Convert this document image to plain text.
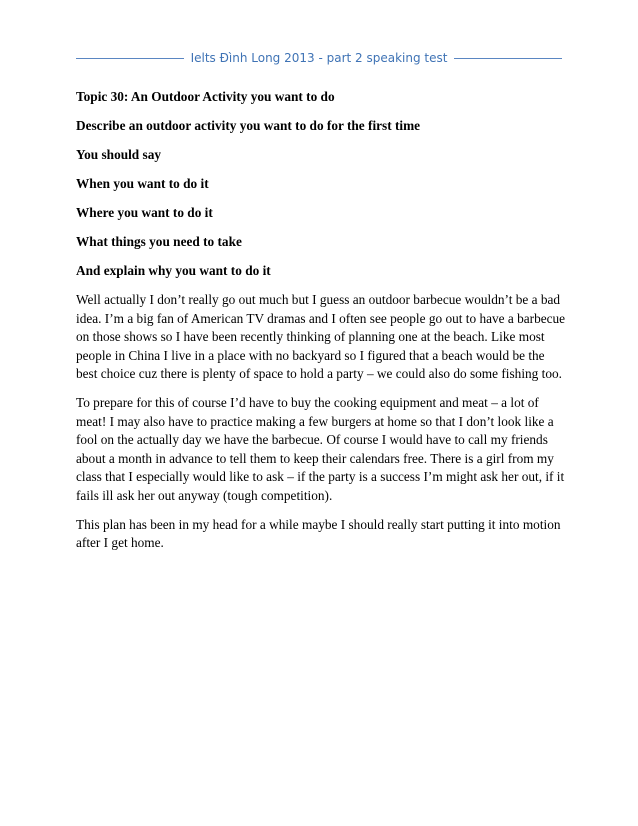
Ielts Đình Long 2013 - part 2 speaking test

Topic 30: An Outdoor Activity you want to do

Describe an outdoor activity you want to do for the first time

You should say

When you want to do it

Where you want to do it

What things you need to take

And explain why you want to do it

Well actually I don’t really go out much but I guess an outdoor barbecue wouldn’t be a bad idea. I’m a big fan of American TV dramas and I often see people go out to have a barbecue on those shows so I have been recently thinking of planning one at the beach. Like most people in China I live in a place with no backyard so I figured that a beach would be the best choice cuz there is plenty of space to hold a party – we could also do some fishing too.

To prepare for this of course I’d have to buy the cooking equipment and meat – a lot of meat! I may also have to practice making a few burgers at home so that I don’t look like a fool on the actually day we have the barbecue. Of course I would have to call my friends about a month in advance to tell them to keep their calendars free. There is a girl from my class that I especially would like to ask – if the party is a success I’m might ask her out, if it fails ill ask her out anyway (tough competition).

This plan has been in my head for a while maybe I should really start putting it into motion after I get home.
